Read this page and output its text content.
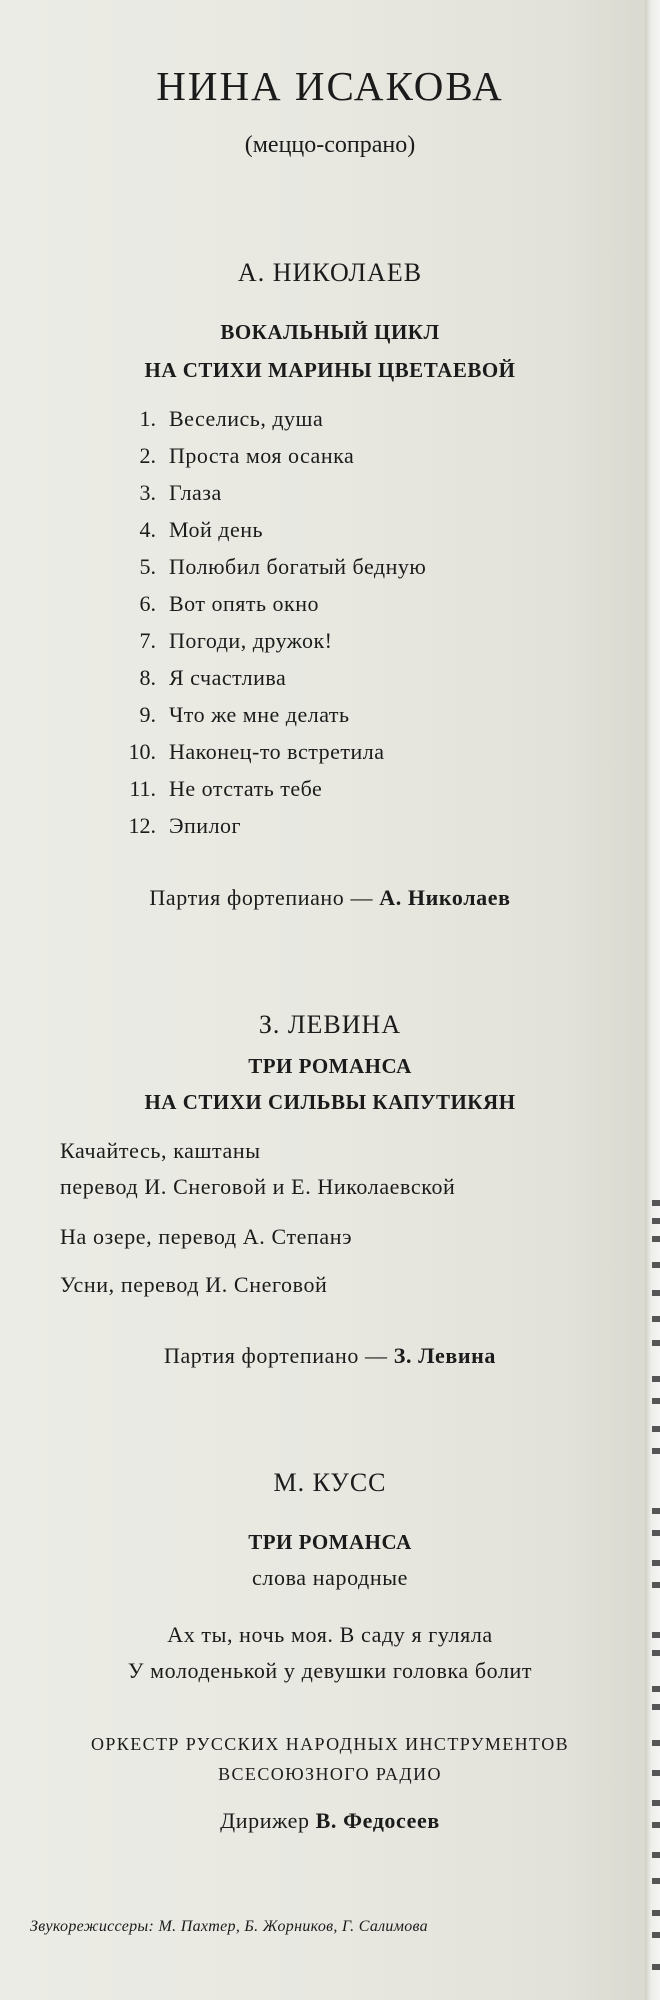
НИНА ИСАКОВА
(меццо-сопрано)
А. НИКОЛАЕВ
ВОКАЛЬНЫЙ ЦИКЛ
НА СТИХИ МАРИНЫ ЦВЕТАЕВОЙ
1. Веселись, душа
2. Проста моя осанка
3. Глаза
4. Мой день
5. Полюбил богатый бедную
6. Вот опять окно
7. Погоди, дружок!
8. Я счастлива
9. Что же мне делать
10. Наконец-то встретила
11. Не отстать тебе
12. Эпилог
Партия фортепиано — А. Николаев
З. ЛЕВИНА
ТРИ РОМАНСА
НА СТИХИ СИЛЬВЫ КАПУТИКЯН
Качайтесь, каштаны
перевод И. Снеговой и Е. Николаевской
На озере, перевод А. Степанэ
Усни, перевод И. Снеговой
Партия фортепиано — З. Левина
М. КУСС
ТРИ РОМАНСА
слова народные
Ах ты, ночь моя. В саду я гуляла
У молоденькой у девушки головка болит
ОРКЕСТР РУССКИХ НАРОДНЫХ ИНСТРУМЕНТОВ
ВСЕСОЮЗНОГО РАДИО
Дирижер В. Федосеев
Звукорежиссеры: М. Пахтер, Б. Жорников, Г. Салимова
